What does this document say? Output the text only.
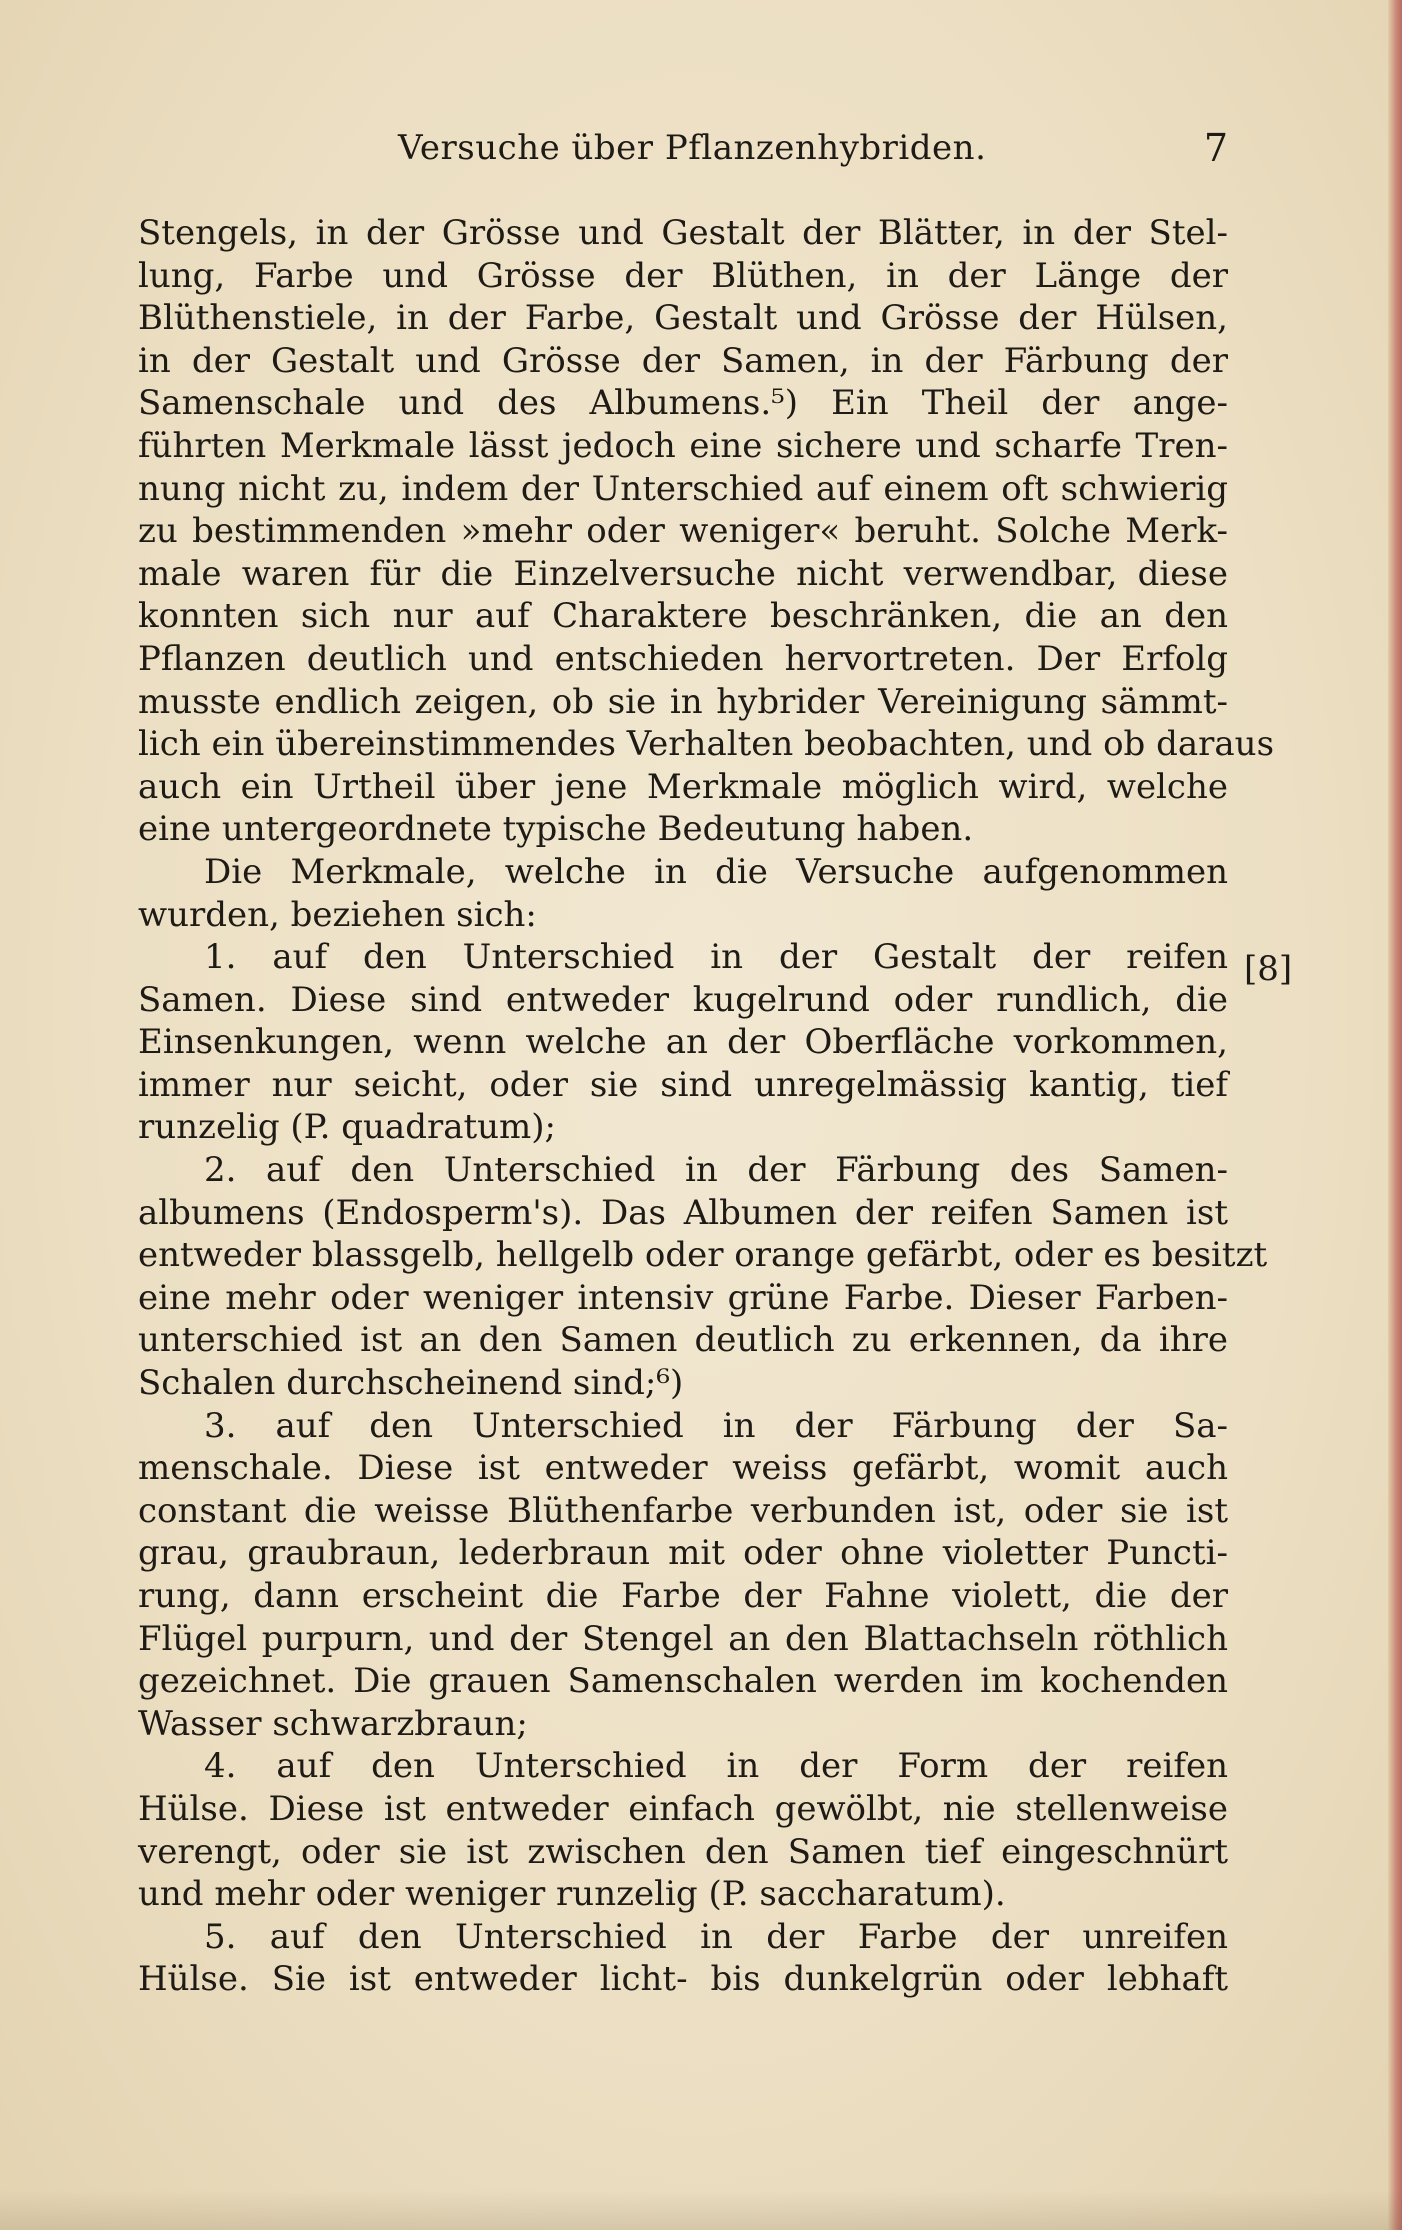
Versuche über Pflanzenhybriden.	7
[8]
Stengels, in der Grösse und Gestalt der Blätter, in der Stel-
lung, Farbe und Grösse der Blüthen, in der Länge der
Blüthenstiele, in der Farbe, Gestalt und Grösse der Hülsen,
in der Gestalt und Grösse der Samen, in der Färbung der
Samenschale und des Albumens.⁵) Ein Theil der ange-
führten Merkmale lässt jedoch eine sichere und scharfe Tren-
nung nicht zu, indem der Unterschied auf einem oft schwierig
zu bestimmenden »mehr oder weniger« beruht. Solche Merk-
male waren für die Einzelversuche nicht verwendbar, diese
konnten sich nur auf Charaktere beschränken, die an den
Pflanzen deutlich und entschieden hervortreten. Der Erfolg
musste endlich zeigen, ob sie in hybrider Vereinigung sämmt-
lich ein übereinstimmendes Verhalten beobachten, und ob daraus
auch ein Urtheil über jene Merkmale möglich wird, welche
eine untergeordnete typische Bedeutung haben.
Die Merkmale, welche in die Versuche aufgenommen
wurden, beziehen sich:
1. auf den Unterschied in der Gestalt der reifen
Samen. Diese sind entweder kugelrund oder rundlich, die
Einsenkungen, wenn welche an der Oberfläche vorkommen,
immer nur seicht, oder sie sind unregelmässig kantig, tief
runzelig (P. quadratum);
2. auf den Unterschied in der Färbung des Samen-
albumens (Endosperm's). Das Albumen der reifen Samen ist
entweder blassgelb, hellgelb oder orange gefärbt, oder es besitzt
eine mehr oder weniger intensiv grüne Farbe. Dieser Farben-
unterschied ist an den Samen deutlich zu erkennen, da ihre
Schalen durchscheinend sind;⁶)
3. auf den Unterschied in der Färbung der Sa-
menschale. Diese ist entweder weiss gefärbt, womit auch
constant die weisse Blüthenfarbe verbunden ist, oder sie ist
grau, graubraun, lederbraun mit oder ohne violetter Puncti-
rung, dann erscheint die Farbe der Fahne violett, die der
Flügel purpurn, und der Stengel an den Blattachseln röthlich
gezeichnet. Die grauen Samenschalen werden im kochenden
Wasser schwarzbraun;
4. auf den Unterschied in der Form der reifen
Hülse. Diese ist entweder einfach gewölbt, nie stellenweise
verengt, oder sie ist zwischen den Samen tief eingeschnürt
und mehr oder weniger runzelig (P. saccharatum).
5. auf den Unterschied in der Farbe der unreifen
Hülse. Sie ist entweder licht- bis dunkelgrün oder lebhaft
